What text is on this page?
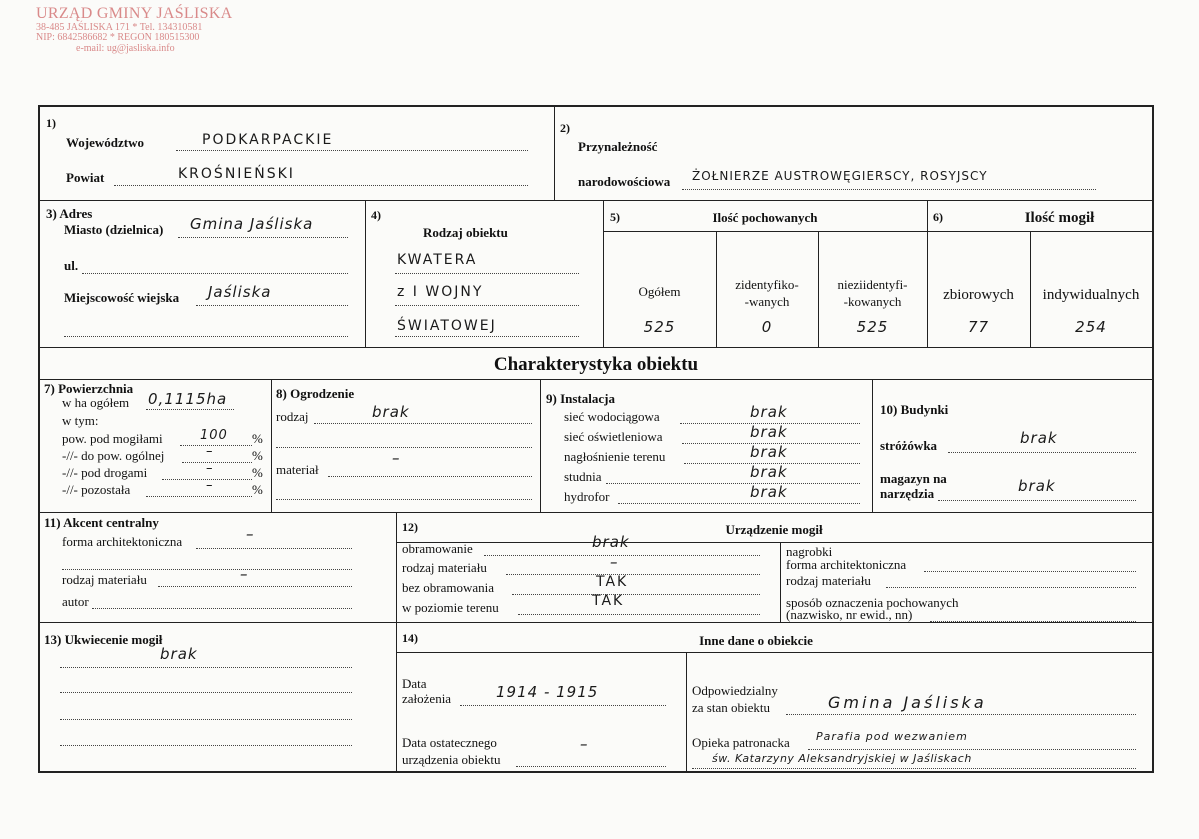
URZĄD GMINY JAŚLISKA
38-485 JAŚLISKA 171 * Tel. 134310581
NIP: 6842586682 * REGON 180515300
e-mail: ug@jasliska.info
1)
Województwo	PODKARPACKIE
Powiat	KROŚNIEŃSKI
2)
Przynależność
narodowościowa ŻOŁNIERZE AUSTROWĘGIERSCY, ROSYJSCY
3) Adres
Miasto (dzielnica) Gmina Jaśliska
ul.
Miejscowość wiejska Jaśliska
4)
Rodzaj obiektu
KWATERA
z I WOJNY
ŚWIATOWEJ
5)	Ilość pochowanych
Ogółem	zidentyfiko-
-wanych
nieziidentyfi-
-kowanych
525	0	525
6)	Ilość mogił
zbiorowych	indywidualnych
77	254
Charakterystyka obiektu
7) Powierzchnia
w ha ogółem 0,1115ha
w tym:
pow. pod mogiłami	100 %
-//- do pow. ogólnej	–	%
-//- pod drogami	–	%
-//- pozostała	–	%
8) Ogrodzenie
rodzaj	brak
materiał
–
9) Instalacja
sieć wodociągowa	brak
sieć oświetleniowa	brak
nagłośnienie terenu	brak
studnia	brak
hydrofor	brak
10) Budynki
stróżówka	brak
magazyn na
narzędzia	brak
11) Akcent centralny
forma architektoniczna	–
rodzaj materiału	–
autor
12)	Urządzenie mogił
obramowanie	brak
rodzaj materiału	–
bez obramowania	TAK
w poziomie terenu	TAK
nagrobki
forma architektoniczna
rodzaj materiału
sposób oznaczenia pochowanych
(nazwisko, nr ewid., nn)
13) Ukwiecenie mogił
brak
14)	Inne dane o obiekcie
Data
założenia	1914 - 1915
Data ostatecznego
urządzenia obiektu
–
Odpowiedzialny
za stan obiektu	Gmina Jaśliska
Opieka patronacka Parafia pod wezwaniem
św. Katarzyny Aleksandryjskiej w Jaśliskach
